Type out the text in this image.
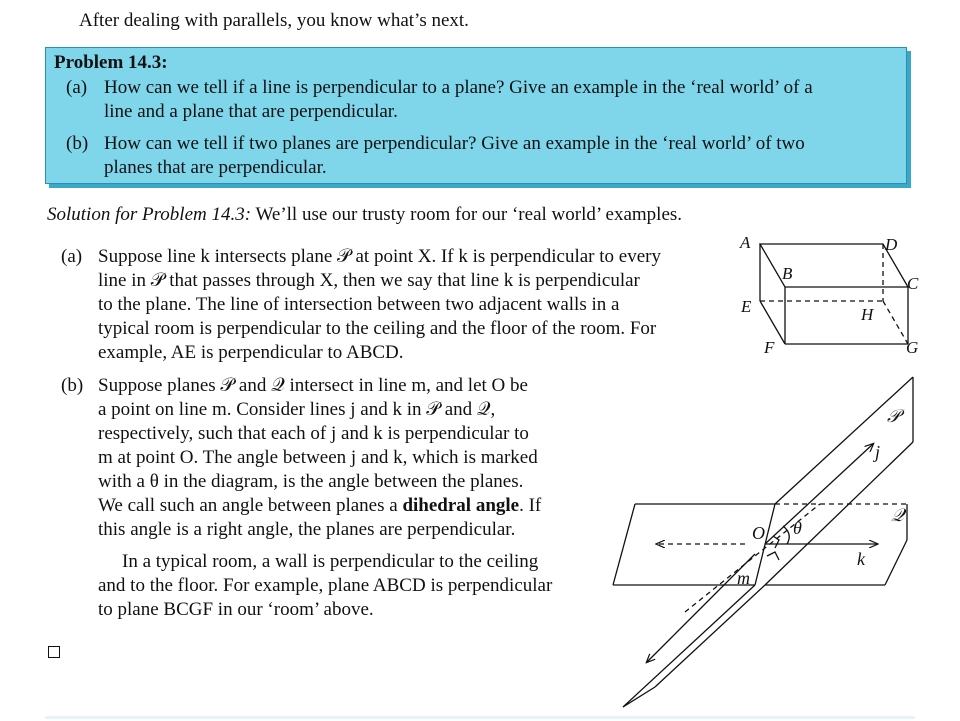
After dealing with parallels, you know what’s next.
Problem 14.3:
(a) How can we tell if a line is perpendicular to a plane? Give an example in the ‘real world’ of a
line and a plane that are perpendicular.
(b) How can we tell if two planes are perpendicular? Give an example in the ‘real world’ of two
planes that are perpendicular.
Solution for Problem 14.3: We’ll use our trusty room for our ‘real world’ examples.
(a) Suppose line k intersects plane 𝒫 at point X. If k is perpendicular to every
line in 𝒫 that passes through X, then we say that line k is perpendicular
to the plane. The line of intersection between two adjacent walls in a
typical room is perpendicular to the ceiling and the floor of the room. For
example, AE is perpendicular to ABCD.
(b) Suppose planes 𝒫 and 𝒬 intersect in line m, and let O be
a point on line m. Consider lines j and k in 𝒫 and 𝒬,
respectively, such that each of j and k is perpendicular to
m at point O. The angle between j and k, which is marked
with a θ in the diagram, is the angle between the planes.
We call such an angle between planes a dihedral angle. If
this angle is a right angle, the planes are perpendicular.
In a typical room, a wall is perpendicular to the ceiling
and to the floor. For example, plane ABCD is perpendicular
to plane BCGF in our ‘room’ above.
A	D
B
C
E	H
F	G
𝒫
𝒬
j
k
m
O θ
